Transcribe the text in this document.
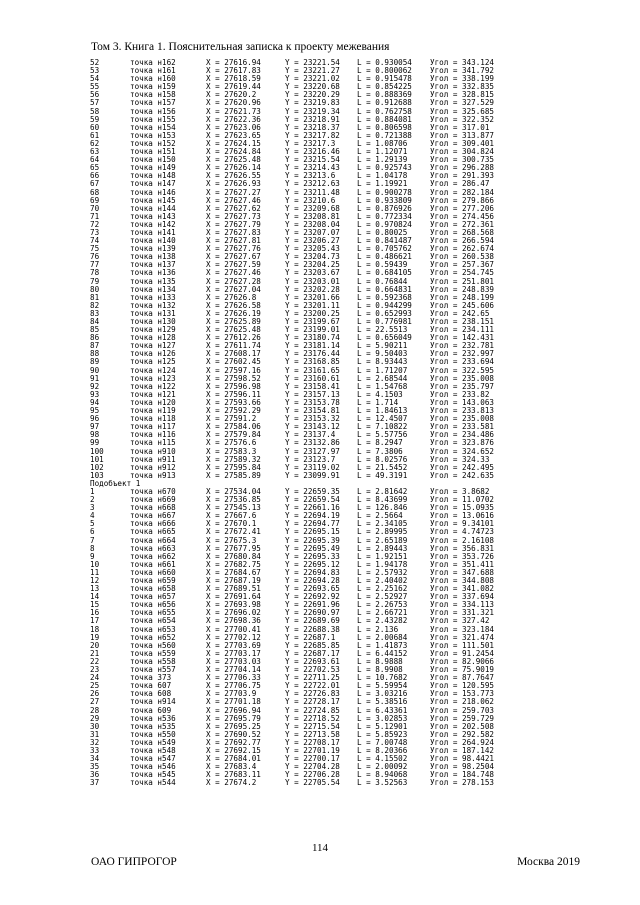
Том 3. Книга 1. Пояснительная записка к проекту межевания
52	точка н162	X = 27616.94	Y = 23221.54 L = 0.930054 Угол = 343.124
53	точка н161	X = 27617.83	Y = 23221.27 L = 0.800062 Угол = 341.792
54	точка н160	X = 27618.59	Y = 23221.02 L = 0.915478 Угол = 338.199
55	точка н159	X = 27619.44	Y = 23220.68 L = 0.854225 Угол = 332.835
56	точка н158	X = 27620.2	Y = 23220.29 L = 0.888369 Угол = 328.815
57	точка н157	X = 27620.96	Y = 23219.83 L = 0.912688 Угол = 327.529
58	точка н156	X = 27621.73	Y = 23219.34 L = 0.762758 Угол = 325.685
59	точка н155	X = 27622.36	Y = 23218.91 L = 0.884081 Угол = 322.352
60	точка н154	X = 27623.06	Y = 23218.37 L = 0.806598 Угол = 317.01
61	точка н153	X = 27623.65	Y = 23217.82 L = 0.721388 Угол = 313.877
62	точка н152	X = 27624.15	Y = 23217.3	L = 1.08706	Угол = 309.401
63	точка н151	X = 27624.84	Y = 23216.46 L = 1.12071	Угол = 304.824
64	точка н150	X = 27625.48	Y = 23215.54 L = 1.29139	Угол = 300.735
65	точка н149	X = 27626.14	Y = 23214.43 L = 0.925743 Угол = 296.288
66	точка н148	X = 27626.55	Y = 23213.6	L = 1.04178	Угол = 291.393
67	точка н147	X = 27626.93	Y = 23212.63 L = 1.19921	Угол = 286.47
68	точка н146	X = 27627.27	Y = 23211.48 L = 0.900278 Угол = 282.184
69	точка н145	X = 27627.46	Y = 23210.6	L = 0.933809 Угол = 279.866
70	точка н144	X = 27627.62	Y = 23209.68 L = 0.876926 Угол = 277.206
71	точка н143	X = 27627.73	Y = 23208.81 L = 0.772334 Угол = 274.456
72	точка н142	X = 27627.79	Y = 23208.04 L = 0.970824 Угол = 272.361
73	точка н141	X = 27627.83	Y = 23207.07 L = 0.80025	Угол = 268.568
74	точка н140	X = 27627.81	Y = 23206.27 L = 0.841487 Угол = 266.594
75	точка н139	X = 27627.76	Y = 23205.43 L = 0.705762 Угол = 262.674
76	точка н138	X = 27627.67	Y = 23204.73 L = 0.486621 Угол = 260.538
77	точка н137	X = 27627.59	Y = 23204.25 L = 0.59439	Угол = 257.367
78	точка н136	X = 27627.46	Y = 23203.67 L = 0.684105 Угол = 254.745
79	точка н135	X = 27627.28	Y = 23203.01 L = 0.76844	Угол = 251.801
80	точка н134	X = 27627.04	Y = 23202.28 L = 0.664831 Угол = 248.839
81	точка н133	X = 27626.8	Y = 23201.66 L = 0.592368 Угол = 248.199
82	точка н132	X = 27626.58	Y = 23201.11 L = 0.944299 Угол = 245.606
83	точка н131	X = 27626.19	Y = 23200.25 L = 0.652993 Угол = 242.65
84	точка н130	X = 27625.89	Y = 23199.67 L = 0.776981 Угол = 238.151
85	точка н129	X = 27625.48	Y = 23199.01 L = 22.5513	Угол = 234.111
86	точка н128	X = 27612.26	Y = 23180.74 L = 0.656049 Угол = 142.431
87	точка н127	X = 27611.74	Y = 23181.14 L = 5.90211	Угол = 232.781
88	точка н126	X = 27608.17	Y = 23176.44 L = 9.50403	Угол = 232.997
89	точка н125	X = 27602.45	Y = 23168.85 L = 8.93443	Угол = 233.694
90	точка н124	X = 27597.16	Y = 23161.65 L = 1.71207	Угол = 322.595
91	точка н123	X = 27598.52	Y = 23160.61 L = 2.68544	Угол = 235.008
92	точка н122	X = 27596.98	Y = 23158.41 L = 1.54768	Угол = 235.797
93	точка н121	X = 27596.11	Y = 23157.13 L = 4.1503	Угол = 233.82
94	точка н120	X = 27593.66	Y = 23153.78 L = 1.714	Угол = 143.063
95	точка н119	X = 27592.29	Y = 23154.81 L = 1.84613	Угол = 233.813
96	точка н118	X = 27591.2	Y = 23153.32 L = 12.4507	Угол = 235.008
97	точка н117	X = 27584.06	Y = 23143.12 L = 7.10822	Угол = 233.581
98	точка н116	X = 27579.84	Y = 23137.4	L = 5.57756	Угол = 234.486
99	точка н115	X = 27576.6	Y = 23132.86 L = 8.2947	Угол = 323.876
100	точка н910	X = 27583.3	Y = 23127.97 L = 7.3806	Угол = 324.652
101	точка н911	X = 27589.32	Y = 23123.7	L = 8.02576	Угол = 324.33
102	точка н912	X = 27595.84	Y = 23119.02 L = 21.5452	Угол = 242.495
103	точка н913	X = 27585.89	Y = 23099.91 L = 49.3191	Угол = 242.635
Подобъект 1
1	точка н670	X = 27534.04	Y = 22659.35 L = 2.81642	Угол = 3.8682
2	точка н669	X = 27536.85	Y = 22659.54 L = 8.43699	Угол = 11.0702
3	точка н668	X = 27545.13	Y = 22661.16 L = 126.846	Угол = 15.0935
4	точка н667	X = 27667.6	Y = 22694.19 L = 2.5664	Угол = 13.0616
5	точка н666	X = 27670.1	Y = 22694.77 L = 2.34105	Угол = 9.34101
6	точка н665	X = 27672.41	Y = 22695.15 L = 2.89995	Угол = 4.74723
7	точка н664	X = 27675.3	Y = 22695.39 L = 2.65189	Угол = 2.16108
8	точка н663	X = 27677.95	Y = 22695.49 L = 2.89443	Угол = 356.831
9	точка н662	X = 27680.84	Y = 22695.33 L = 1.92151	Угол = 353.726
10	точка н661	X = 27682.75	Y = 22695.12 L = 1.94178	Угол = 351.411
11	точка н660	X = 27684.67	Y = 22694.83 L = 2.57932	Угол = 347.688
12	точка н659	X = 27687.19	Y = 22694.28 L = 2.40402	Угол = 344.808
13	точка н658	X = 27689.51	Y = 22693.65 L = 2.25162	Угол = 341.082
14	точка н657	X = 27691.64	Y = 22692.92 L = 2.52927	Угол = 337.694
15	точка н656	X = 27693.98	Y = 22691.96 L = 2.26753	Угол = 334.113
16	точка н655	X = 27696.02	Y = 22690.97 L = 2.66721	Угол = 331.321
17	точка н654	X = 27698.36	Y = 22689.69 L = 2.43282	Угол = 327.42
18	точка н653	X = 27700.41	Y = 22688.38 L = 2.136	Угол = 323.184
19	точка н652	X = 27702.12	Y = 22687.1	L = 2.00684	Угол = 321.474
20	точка н560	X = 27703.69	Y = 22685.85 L = 1.41873	Угол = 111.501
21	точка н559	X = 27703.17	Y = 22687.17 L = 6.44152	Угол = 91.2454
22	точка н558	X = 27703.03	Y = 22693.61 L = 8.9888	Угол = 82.9066
23	точка н557	X = 27704.14	Y = 22702.53 L = 8.9908	Угол = 75.9019
24	точка 373	X = 27706.33	Y = 22711.25 L = 10.7682	Угол = 87.7647
25	точка 607	X = 27706.75	Y = 22722.01 L = 5.59954	Угол = 120.595
26	точка 608	X = 27703.9	Y = 22726.83 L = 3.03216	Угол = 153.773
27	точка н914	X = 27701.18	Y = 22728.17 L = 5.38516	Угол = 218.062
28	точка 609	X = 27696.94	Y = 22724.85 L = 6.43361	Угол = 259.703
29	точка н536	X = 27695.79	Y = 22718.52 L = 3.02853	Угол = 259.729
30	точка н535	X = 27695.25	Y = 22715.54 L = 5.12901	Угол = 202.508
31	точка н550	X = 27690.52	Y = 22713.58 L = 5.85923	Угол = 292.582
32	точка н549	X = 27692.77	Y = 22708.17 L = 7.00748	Угол = 264.924
33	точка н548	X = 27692.15	Y = 22701.19 L = 8.20366	Угол = 187.142
34	точка н547	X = 27684.01	Y = 22700.17 L = 4.15502	Угол = 98.4421
35	точка н546	X = 27683.4	Y = 22704.28 L = 2.00092	Угол = 98.2504
36	точка н545	X = 27683.11	Y = 22706.28 L = 8.94068	Угол = 184.748
37	точка н544	X = 27674.2	Y = 22705.54 L = 3.52563	Угол = 278.153
114
ОАО ГИПРОГОР	Москва 2019
